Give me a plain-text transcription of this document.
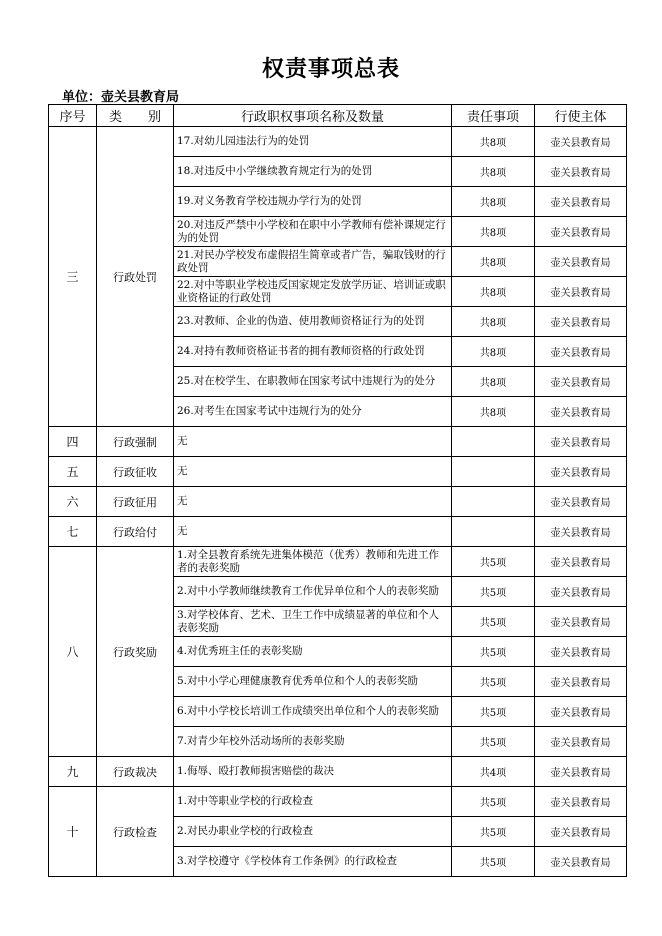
权责事项总表
单位：壶关县教育局
序号	类　　别	行政职权事项名称及数量	责任事项	行使主体
三	行政处罚	17.对幼儿园违法行为的处罚	共8项	壶关县教育局
		18.对违反中小学继续教育规定行为的处罚	共8项	壶关县教育局
		19.对义务教育学校违规办学行为的处罚	共8项	壶关县教育局
		20.对违反严禁中小学校和在职中小学教师有偿补课规定行为的处罚	共8项	壶关县教育局
		21.对民办学校发布虚假招生简章或者广告，骗取钱财的行政处罚	共8项	壶关县教育局
		22.对中等职业学校违反国家规定发放学历证、培训证或职业资格证的行政处罚	共8项	壶关县教育局
		23.对教师、企业的伪造、使用教师资格证行为的处罚	共8项	壶关县教育局
		24.对持有教师资格证书者的拥有教师资格的行政处罚	共8项	壶关县教育局
		25.对在校学生、在职教师在国家考试中违规行为的处分	共8项	壶关县教育局
		26.对考生在国家考试中违规行为的处分	共8项	壶关县教育局
四	行政强制	无		壶关县教育局
五	行政征收	无		壶关县教育局
六	行政征用	无		壶关县教育局
七	行政给付	无		壶关县教育局
八	行政奖励	1.对全县教育系统先进集体模范（优秀）教师和先进工作者的表彰奖励	共5项	壶关县教育局
		2.对中小学教师继续教育工作优异单位和个人的表彰奖励	共5项	壶关县教育局
		3.对学校体育、艺术、卫生工作中成绩显著的单位和个人表彰奖励	共5项	壶关县教育局
		4.对优秀班主任的表彰奖励	共5项	壶关县教育局
		5.对中小学心理健康教育优秀单位和个人的表彰奖励	共5项	壶关县教育局
		6.对中小学校长培训工作成绩突出单位和个人的表彰奖励	共5项	壶关县教育局
		7.对青少年校外活动场所的表彰奖励	共5项	壶关县教育局
九	行政裁决	1.侮辱、殴打教师损害赔偿的裁决	共4项	壶关县教育局
十	行政检查	1.对中等职业学校的行政检查	共5项	壶关县教育局
		2.对民办职业学校的行政检查	共5项	壶关县教育局
		3.对学校遵守《学校体育工作条例》的行政检查	共5项	壶关县教育局
